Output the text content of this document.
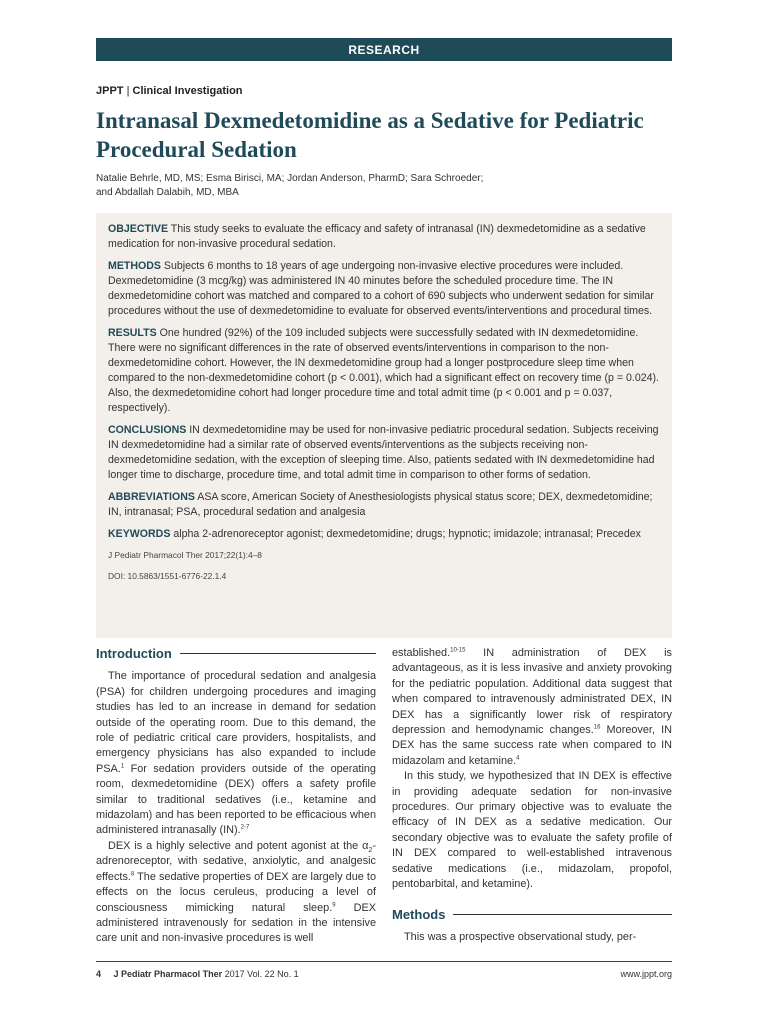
RESEARCH
JPPT | Clinical Investigation
Intranasal Dexmedetomidine as a Sedative for Pediatric Procedural Sedation
Natalie Behrle, MD, MS; Esma Birisci, MA; Jordan Anderson, PharmD; Sara Schroeder;
and Abdallah Dalabih, MD, MBA

OBJECTIVE This study seeks to evaluate the efficacy and safety of intranasal (IN) dexmedetomidine as a sedative medication for non-invasive procedural sedation.

METHODS Subjects 6 months to 18 years of age undergoing non-invasive elective procedures were included. Dexmedetomidine (3 mcg/kg) was administered IN 40 minutes before the scheduled procedure time. The IN dexmedetomidine cohort was matched and compared to a cohort of 690 subjects who underwent sedation for similar procedures without the use of dexmedetomidine to evaluate for observed events/interventions and procedural times.

RESULTS One hundred (92%) of the 109 included subjects were successfully sedated with IN dexmedetomidine. There were no significant differences in the rate of observed events/interventions in comparison to the non-dexmedetomidine cohort. However, the IN dexmedetomidine group had a longer postprocedure sleep time when compared to the non-dexmedetomidine cohort (p < 0.001), which had a significant effect on recovery time (p = 0.024). Also, the dexmedetomidine cohort had longer procedure time and total admit time (p < 0.001 and p = 0.037, respectively).

CONCLUSIONS IN dexmedetomidine may be used for non-invasive pediatric procedural sedation. Subjects receiving IN dexmedetomidine had a similar rate of observed events/interventions as the subjects receiving non-dexmedetomidine sedation, with the exception of sleeping time. Also, patients sedated with IN dexmedetomidine had longer time to discharge, procedure time, and total admit time in comparison to other forms of sedation.

ABBREVIATIONS ASA score, American Society of Anesthesiologists physical status score; DEX, dexmedetomidine; IN, intranasal; PSA, procedural sedation and analgesia

KEYWORDS alpha 2-adrenoreceptor agonist; dexmedetomidine; drugs; hypnotic; imidazole; intranasal; Precedex

J Pediatr Pharmacol Ther 2017;22(1):4–8

DOI: 10.5863/1551-6776-22.1.4

Introduction

The importance of procedural sedation and analgesia (PSA) for children undergoing procedures and imaging studies has led to an increase in demand for sedation outside of the operating room. Due to this demand, the role of pediatric critical care providers, hospitalists, and emergency physicians has also expanded to include PSA.$^1$ For sedation providers outside of the operating room, dexmedetomidine (DEX) offers a safety profile similar to traditional sedatives (i.e., ketamine and midazolam) and has been reported to be efficacious when administered intranasally (IN).$^{2-7}$

DEX is a highly selective and potent agonist at the $\alpha_2$-adrenoreceptor, with sedative, anxiolytic, and analgesic effects.$^8$ The sedative properties of DEX are largely due to effects on the locus ceruleus, producing a level of consciousness mimicking natural sleep.$^9$ DEX administered intravenously for sedation in the intensive care unit and non-invasive procedures is well

established.$^{10-15}$ IN administration of DEX is advantageous, as it is less invasive and anxiety provoking for the pediatric population. Additional data suggest that when compared to intravenously administrated DEX, IN DEX has a significantly lower risk of respiratory depression and hemodynamic changes.$^{16}$ Moreover, IN DEX has the same success rate when compared to IN midazolam and ketamine.$^4$

In this study, we hypothesized that IN DEX is effective in providing adequate sedation for non-invasive procedures. Our primary objective was to evaluate the efficacy of IN DEX as a sedative medication. Our secondary objective was to evaluate the safety profile of IN DEX compared to well-established intravenous sedative medications (i.e., midazolam, propofol, pentobarbital, and ketamine).

Methods

This was a prospective observational study, per-

4 J Pediatr Pharmacol Ther 2017 Vol. 22 No. 1	www.jppt.org
